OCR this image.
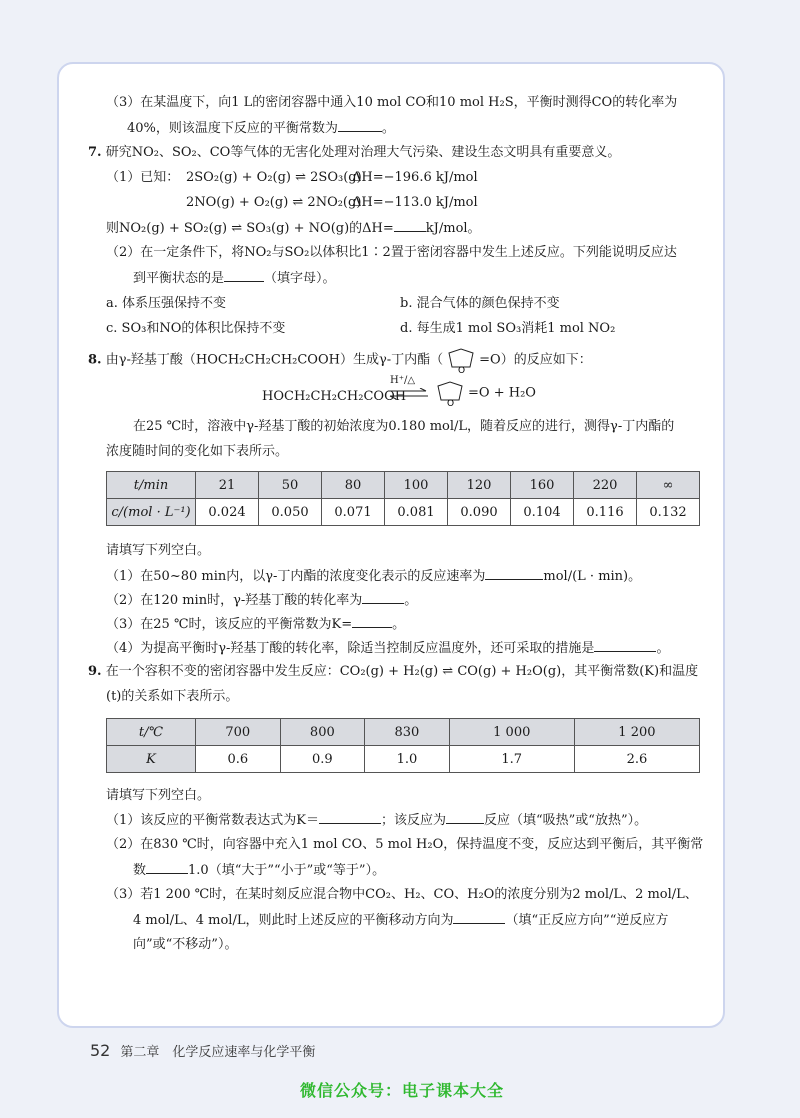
（3）在某温度下，向1 L的密闭容器中通入10 mol CO和10 mol H₂S，平衡时测得CO的转化率为
40%，则该温度下反应的平衡常数为	。
7. 研究NO₂、SO₂、CO等气体的无害化处理对治理大气污染、建设生态文明具有重要意义。
（1）已知： 2SO₂(g) + O₂(g) ⇌ 2SO₃(g)
ΔH=−196.6 kJ/mol
2NO(g) + O₂(g) ⇌ 2NO₂(g)
ΔH=−113.0 kJ/mol
则NO₂(g) + SO₂(g) ⇌ SO₃(g) + NO(g)的ΔH= kJ/mol。
（2）在一定条件下，将NO₂与SO₂以体积比1∶2置于密闭容器中发生上述反应。下列能说明反应达
到平衡状态的是	（填字母）。
a. 体系压强保持不变	b. 混合气体的颜色保持不变
c. SO₃和NO的体积比保持不变	d. 每生成1 mol SO₃消耗1 mol NO₂
8. 由γ-羟基丁酸（HOCH₂CH₂CH₂COOH）生成γ-丁内酯（
O
=O）的反应如下：
HOCH₂CH₂CH₂COOH
H⁺/△
O
=O + H₂O
在25 ℃时，溶液中γ-羟基丁酸的初始浓度为0.180 mol/L，随着反应的进行，测得γ-丁内酯的
浓度随时间的变化如下表所示。
t/min	21	50	80	100	120	160	220	∞
c/(mol · L⁻¹)	0.024	0.050	0.071	0.081	0.090	0.104	0.116	0.132
请填写下列空白。
（1）在50~80 min内，以γ-丁内酯的浓度变化表示的反应速率为	mol/(L · min)。
（2）在120 min时，γ-羟基丁酸的转化率为	。
（3）在25 ℃时，该反应的平衡常数为K=	。
（4）为提高平衡时γ-羟基丁酸的转化率，除适当控制反应温度外，还可采取的措施是	。
9. 在一个容积不变的密闭容器中发生反应：CO₂(g) + H₂(g) ⇌ CO(g) + H₂O(g)，其平衡常数(K)和温度
(t)的关系如下表所示。
t/℃	700	800	830	1 000	1 200
K	0.6	0.9	1.0	1.7	2.6
请填写下列空白。
（1）该反应的平衡常数表达式为K＝	；该反应为	反应（填“吸热”或“放热”）。
（2）在830 ℃时，向容器中充入1 mol CO、5 mol H₂O，保持温度不变，反应达到平衡后，其平衡常
数	1.0（填“大于”“小于”或“等于”）。
（3）若1 200 ℃时，在某时刻反应混合物中CO₂、H₂、CO、H₂O的浓度分别为2 mol/L、2 mol/L、
4 mol/L、4 mol/L，则此时上述反应的平衡移动方向为	（填“正反应方向”“逆反应方
向”或“不移动”）。
52 第二章　化学反应速率与化学平衡
微信公众号：电子课本大全
